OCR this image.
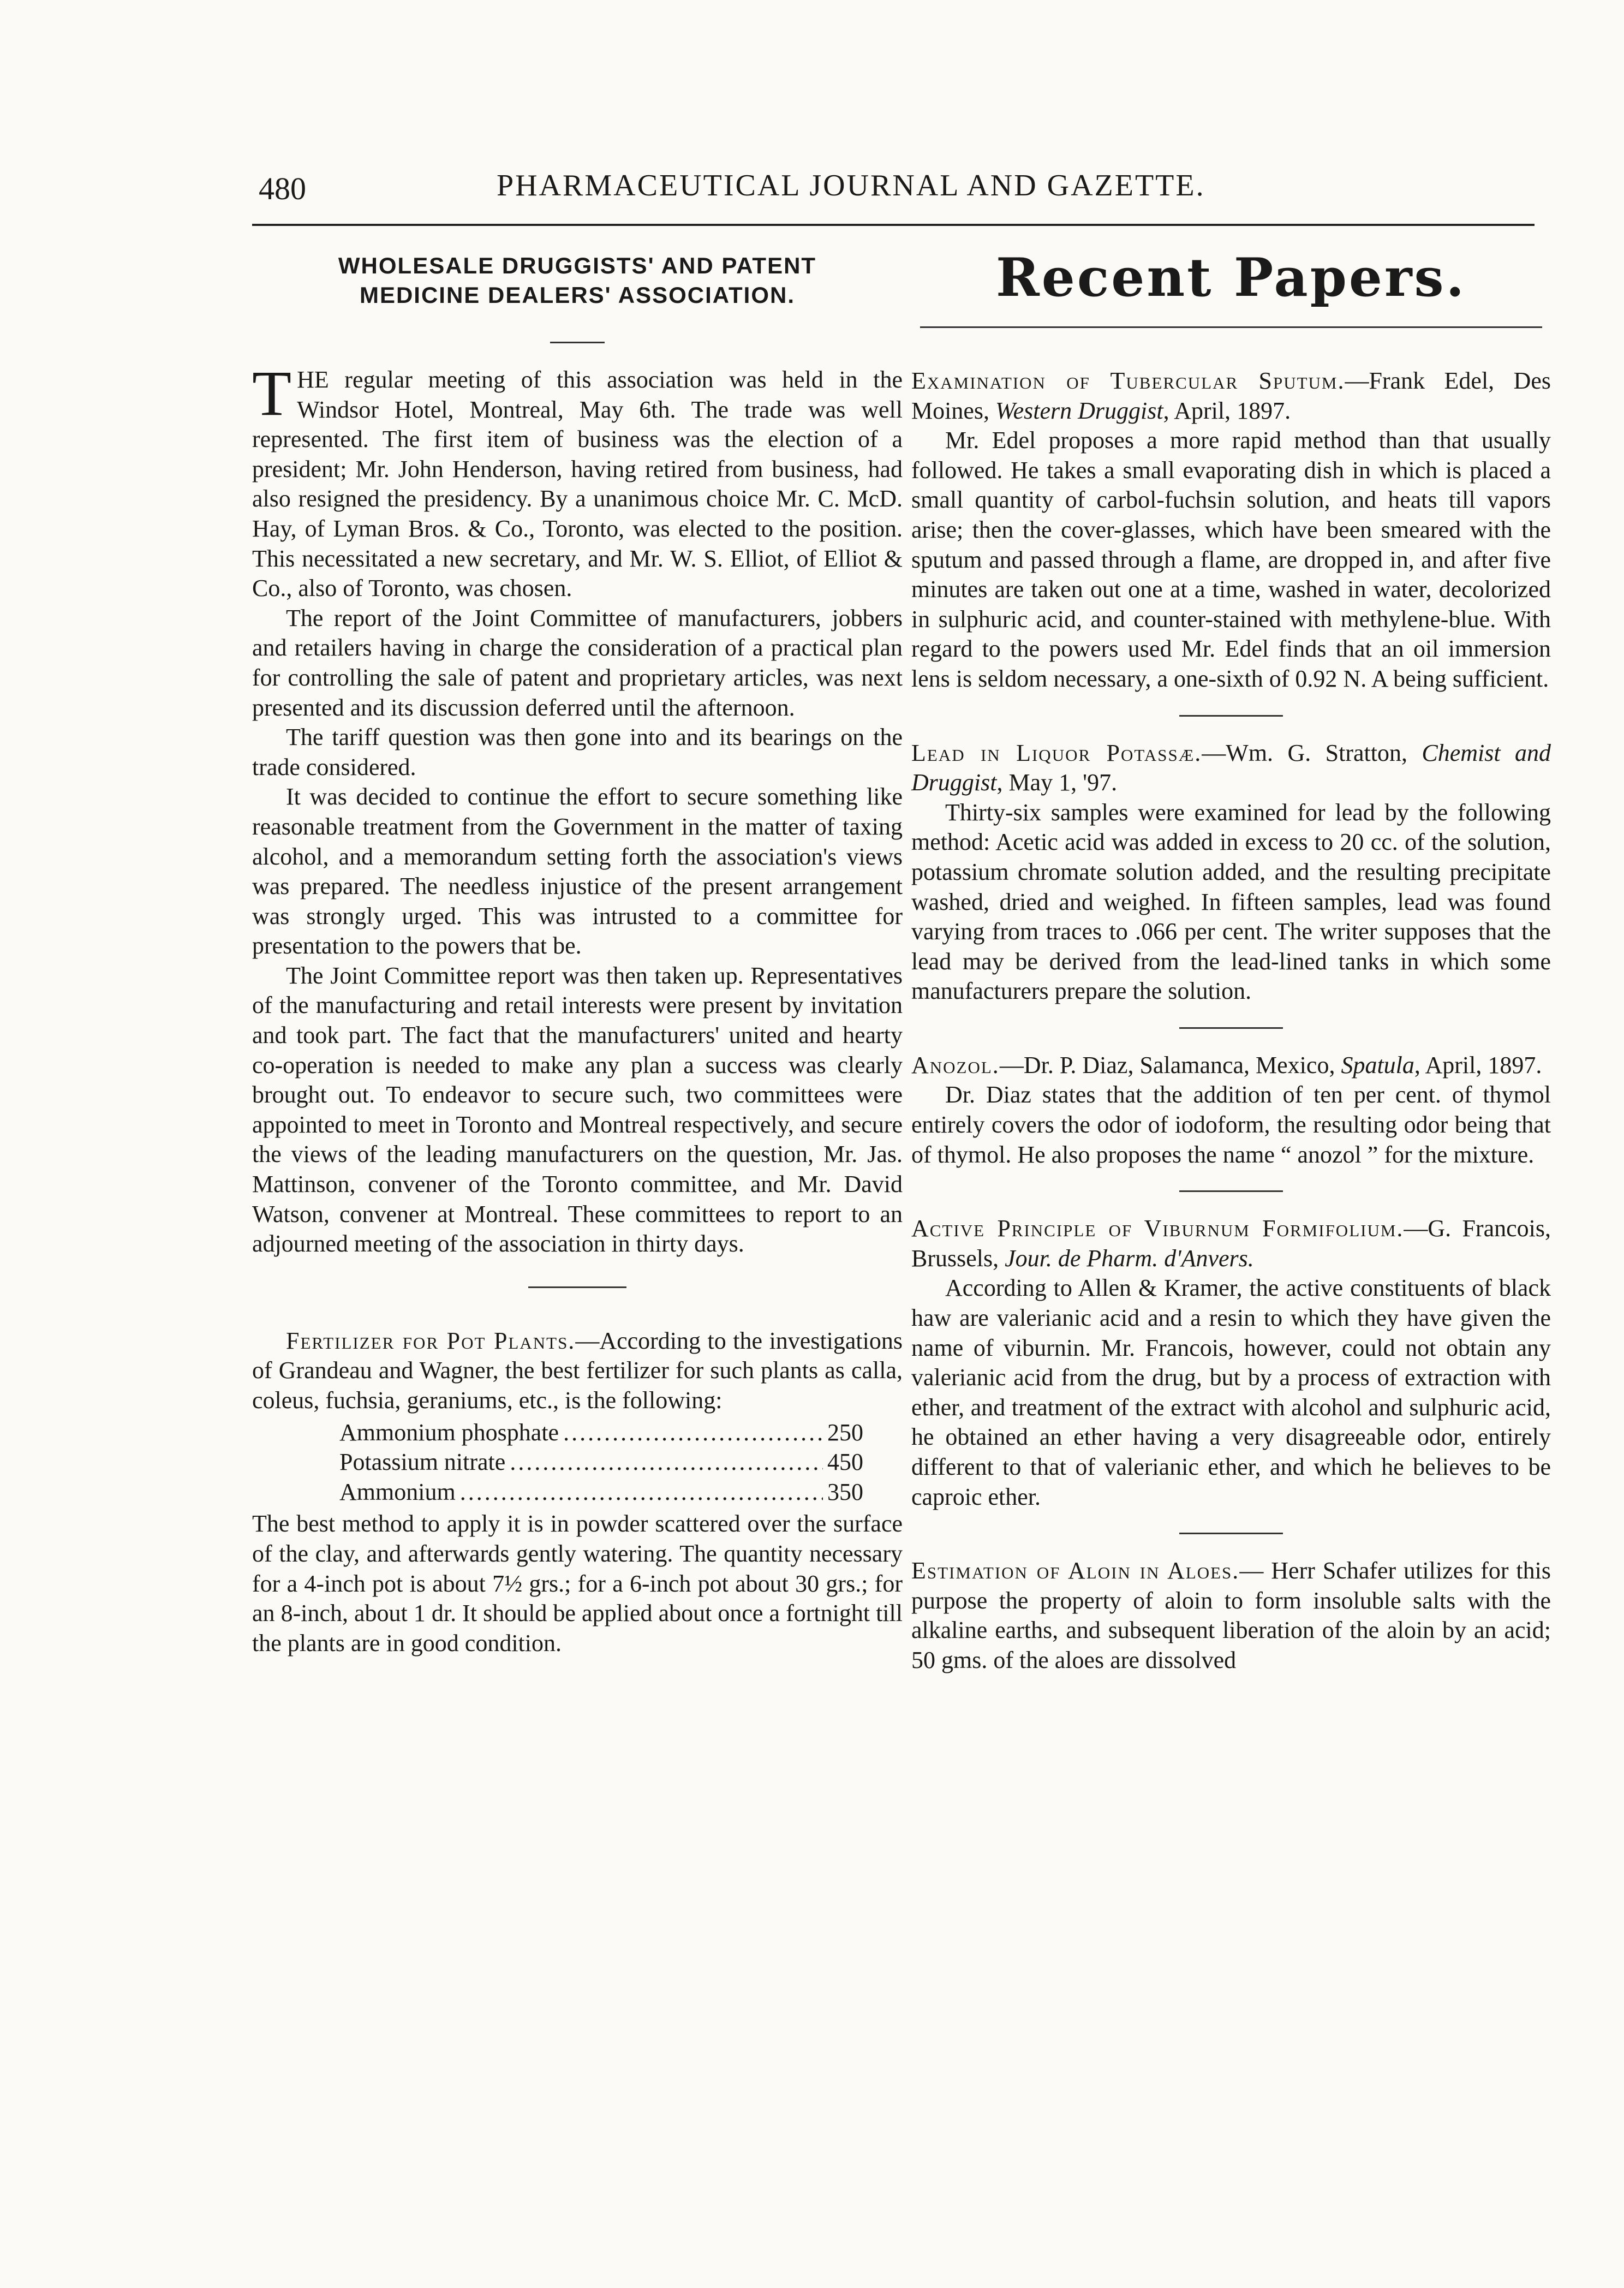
480	PHARMACEUTICAL JOURNAL AND GAZETTE.
WHOLESALE DRUGGISTS' AND PATENT
MEDICINE DEALERS' ASSOCIATION.

THE regular meeting of this association was held in the Windsor Hotel, Montreal, May 6th. The trade was well represented. The first item of business was the election of a president; Mr. John Henderson, having retired from business, had also resigned the presidency. By a unanimous choice Mr. C. McD. Hay, of Lyman Bros. & Co., Toronto, was elected to the position. This necessitated a new secretary, and Mr. W. S. Elliot, of Elliot & Co., also of Toronto, was chosen.

The report of the Joint Committee of manufacturers, jobbers and retailers having in charge the consideration of a practical plan for controlling the sale of patent and proprietary articles, was next presented and its discussion deferred until the afternoon.

The tariff question was then gone into and its bearings on the trade considered.

It was decided to continue the effort to secure something like reasonable treatment from the Government in the matter of taxing alcohol, and a memorandum setting forth the association's views was prepared. The needless injustice of the present arrangement was strongly urged. This was intrusted to a committee for presentation to the powers that be.

The Joint Committee report was then taken up. Representatives of the manufacturing and retail interests were present by invitation and took part. The fact that the manufacturers' united and hearty co-operation is needed to make any plan a success was clearly brought out. To endeavor to secure such, two committees were appointed to meet in Toronto and Montreal respectively, and secure the views of the leading manufacturers on the question, Mr. Jas. Mattinson, convener of the Toronto committee, and Mr. David Watson, convener at Montreal. These committees to report to an adjourned meeting of the association in thirty days.

Fertilizer for Pot Plants.—According to the investigations of Grandeau and Wagner, the best fertilizer for such plants as calla, coleus, fuchsia, geraniums, etc., is the following:

Ammonium phosphate .....	250
Potassium nitrate .....	450
Ammonium .....	350

The best method to apply it is in powder scattered over the surface of the clay, and afterwards gently watering. The quantity necessary for a 4-inch pot is about 7½ grs.; for a 6-inch pot about 30 grs.; for an 8-inch, about 1 dr. It should be applied about once a fortnight till the plants are in good condition.

Recent Papers.

Examination of Tubercular Sputum.—Frank Edel, Des Moines, Western Druggist, April, 1897.

Mr. Edel proposes a more rapid method than that usually followed. He takes a small evaporating dish in which is placed a small quantity of carbol-fuchsin solution, and heats till vapors arise; then the cover-glasses, which have been smeared with the sputum and passed through a flame, are dropped in, and after five minutes are taken out one at a time, washed in water, decolorized in sulphuric acid, and counter-stained with methylene-blue. With regard to the powers used Mr. Edel finds that an oil immersion lens is seldom necessary, a one-sixth of 0.92 N. A being sufficient.

Lead in Liquor Potassæ.—Wm. G. Stratton, Chemist and Druggist, May 1, '97.

Thirty-six samples were examined for lead by the following method: Acetic acid was added in excess to 20 cc. of the solution, potassium chromate solution added, and the resulting precipitate washed, dried and weighed. In fifteen samples, lead was found varying from traces to .066 per cent. The writer supposes that the lead may be derived from the lead-lined tanks in which some manufacturers prepare the solution.

Anozol.—Dr. P. Diaz, Salamanca, Mexico, Spatula, April, 1897.

Dr. Diaz states that the addition of ten per cent. of thymol entirely covers the odor of iodoform, the resulting odor being that of thymol. He also proposes the name “ anozol ” for the mixture.

Active Principle of Viburnum Formifolium.—G. Francois, Brussels, Jour. de Pharm. d'Anvers.

According to Allen & Kramer, the active constituents of black haw are valerianic acid and a resin to which they have given the name of viburnin. Mr. Francois, however, could not obtain any valerianic acid from the drug, but by a process of extraction with ether, and treatment of the extract with alcohol and sulphuric acid, he obtained an ether having a very disagreeable odor, entirely different to that of valerianic ether, and which he believes to be caproic ether.

Estimation of Aloin in Aloes.— Herr Schafer utilizes for this purpose the property of aloin to form insoluble salts with the alkaline earths, and subsequent liberation of the aloin by an acid; 50 gms. of the aloes are dissolved
